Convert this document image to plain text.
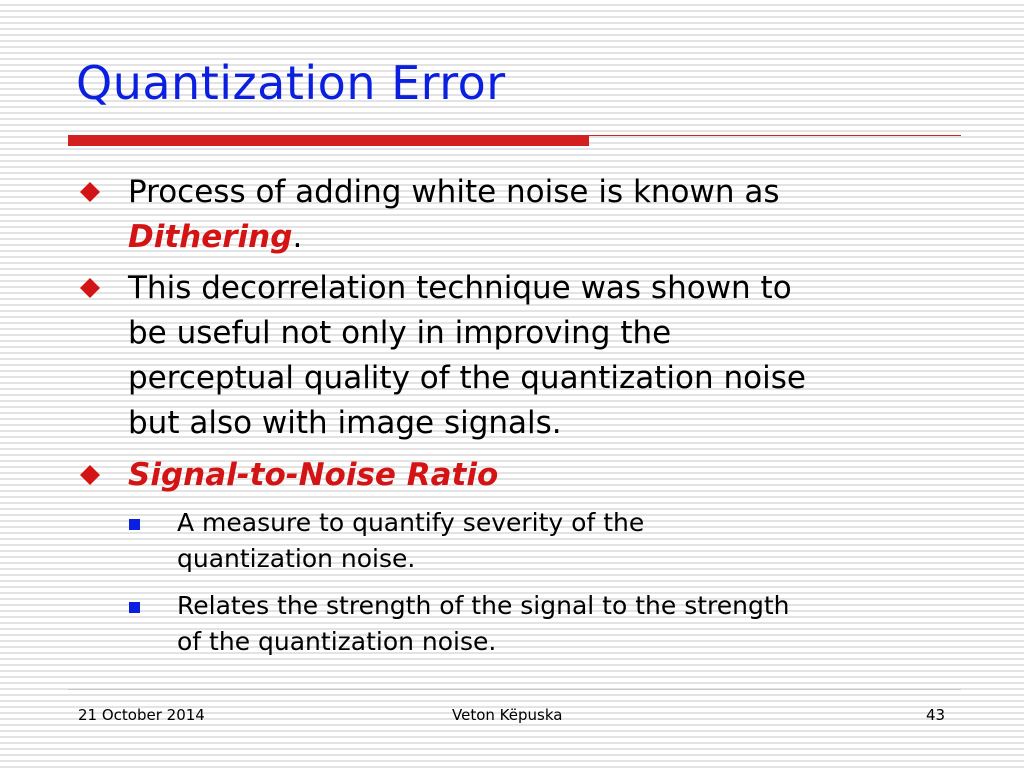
Quantization Error
Process of adding white noise is known as
Dithering.
This decorrelation technique was shown to
be useful not only in improving the
perceptual quality of the quantization noise
but also with image signals.
Signal-to-Noise Ratio
A measure to quantify severity of the
quantization noise.
Relates the strength of the signal to the strength
of the quantization noise.
21 October 2014	Veton Këpuska	43
